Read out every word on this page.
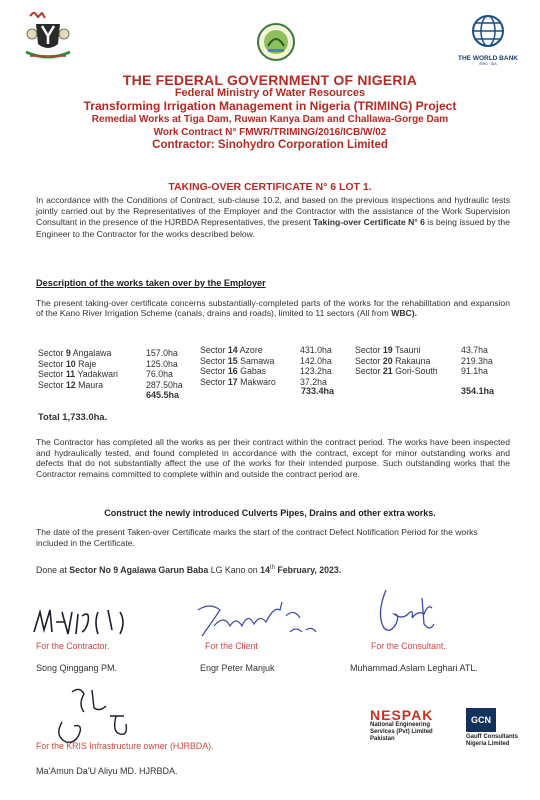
THE WORLD BANK
IBRD · IDA
THE FEDERAL GOVERNMENT OF NIGERIA
Federal Ministry of Water Resources
Transforming Irrigation Management in Nigeria (TRIMING) Project
Remedial Works at Tiga Dam, Ruwan Kanya Dam and Challawa-Gorge Dam
Work Contract N° FMWR/TRIMING/2016/ICB/W/02
Contractor: Sinohydro Corporation Limited
TAKING-OVER CERTIFICATE N° 6 LOT 1.
In accordance with the Conditions of Contract, sub-clause 10.2, and based on the previous inspections and hydraulic tests jointly carried out by the Representatives of the Employer and the Contractor with the assistance of the Work Supervision Consultant in the presence of the HJRBDA Representatives, the present Taking-over Certificate N° 6 is being issued by the Engineer to the Contractor for the works described below.
Description of the works taken over by the Employer
The present taking-over certificate concerns substantially-completed parts of the works for the rehabilitation and expansion of the Kano River Irrigation Scheme (canals, drains and roads), limited to 11 sectors (All from WBC).
Sector 9 Angalawa	157.0ha
Sector 10 Raje	125.0ha
Sector 11 Yadakwari	76.0ha
Sector 12 Maura	287.50ha
Sector 14 Azore	431.0ha
Sector 15 Samawa	142.0ha
Sector 16 Gabas	123.2ha
Sector 17 Makwaro	37.2ha
Sector 19 Tsauni	43.7ha
Sector 20 Rakauna	219.3ha
Sector 21 Gori-South	91.1ha
645.5ha	733.4ha	354.1ha
Total 1,733.0ha.
The Contractor has completed all the works as per their contract within the contract period. The works have been inspected and hydraulically tested, and found completed in accordance with the contract, except for minor outstanding works and defects that do not substantially affect the use of the works for their intended purpose. Such outstanding works that the Contractor remains committed to complete within and outside the contract period are.
Construct the newly introduced Culverts Pipes, Drains and other extra works.
The date of the present Taken-over Certificate marks the start of the contract Defect Notification Period for the works included in the Certificate.
Done at Sector No 9 Agalawa Garun Baba LG Kano on 14th February, 2023.
For the Contractor.	For the Client	For the Consultant.
For the KRIS Infrastructure owner (HJRBDA).
Song Qinggang PM.	Engr Peter Manjuk	Muhammad.Aslam Leghari ATL.
Ma'Amun Da'U Aliyu MD. HJRBDA.
NESPAK
National Engineering
Services (Pvt) Limited
Pakistan
GCN
Gauff Consultants
Nigeria Limited
